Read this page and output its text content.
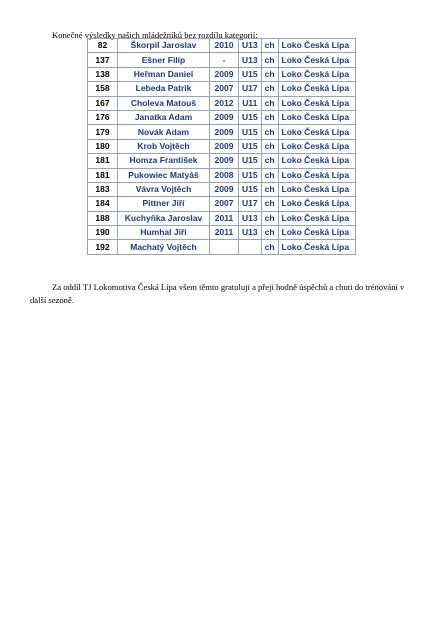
Konečné výsledky našich mládežníků bez rozdílu kategorií:

82	Škorpil Jaroslav	2010	U13	ch	Loko Česká Lípa
137	Ešner Filip	-	U13	ch	Loko Česká Lípa
138	Heřman Daniel	2009	U15	ch	Loko Česká Lípa
158	Lebeda Patrik	2007	U17	ch	Loko Česká Lípa
167	Choleva Matouš	2012	U11	ch	Loko Česká Lípa
176	Janatka Adam	2009	U15	ch	Loko Česká Lípa
179	Novák Adam	2009	U15	ch	Loko Česká Lípa
180	Krob Vojtěch	2009	U15	ch	Loko Česká Lípa
181	Homza František	2009	U15	ch	Loko Česká Lípa
181	Pukowiec Matyáš	2008	U15	ch	Loko Česká Lípa
183	Vávra Vojtěch	2009	U15	ch	Loko Česká Lípa
184	Pittner Jiří	2007	U17	ch	Loko Česká Lípa
188	Kuchyňka Jaroslav	2011	U13	ch	Loko Česká Lípa
190	Humhal Jiří	2011	U13	ch	Loko Česká Lípa
192	Machatý Vojtěch			ch	Loko Česká Lípa

Za oddíl TJ Lokomotiva Česká Lípa všem těmto gratuluji a přeji hodně úspěchů a chuti do trénování v další sezoně.
